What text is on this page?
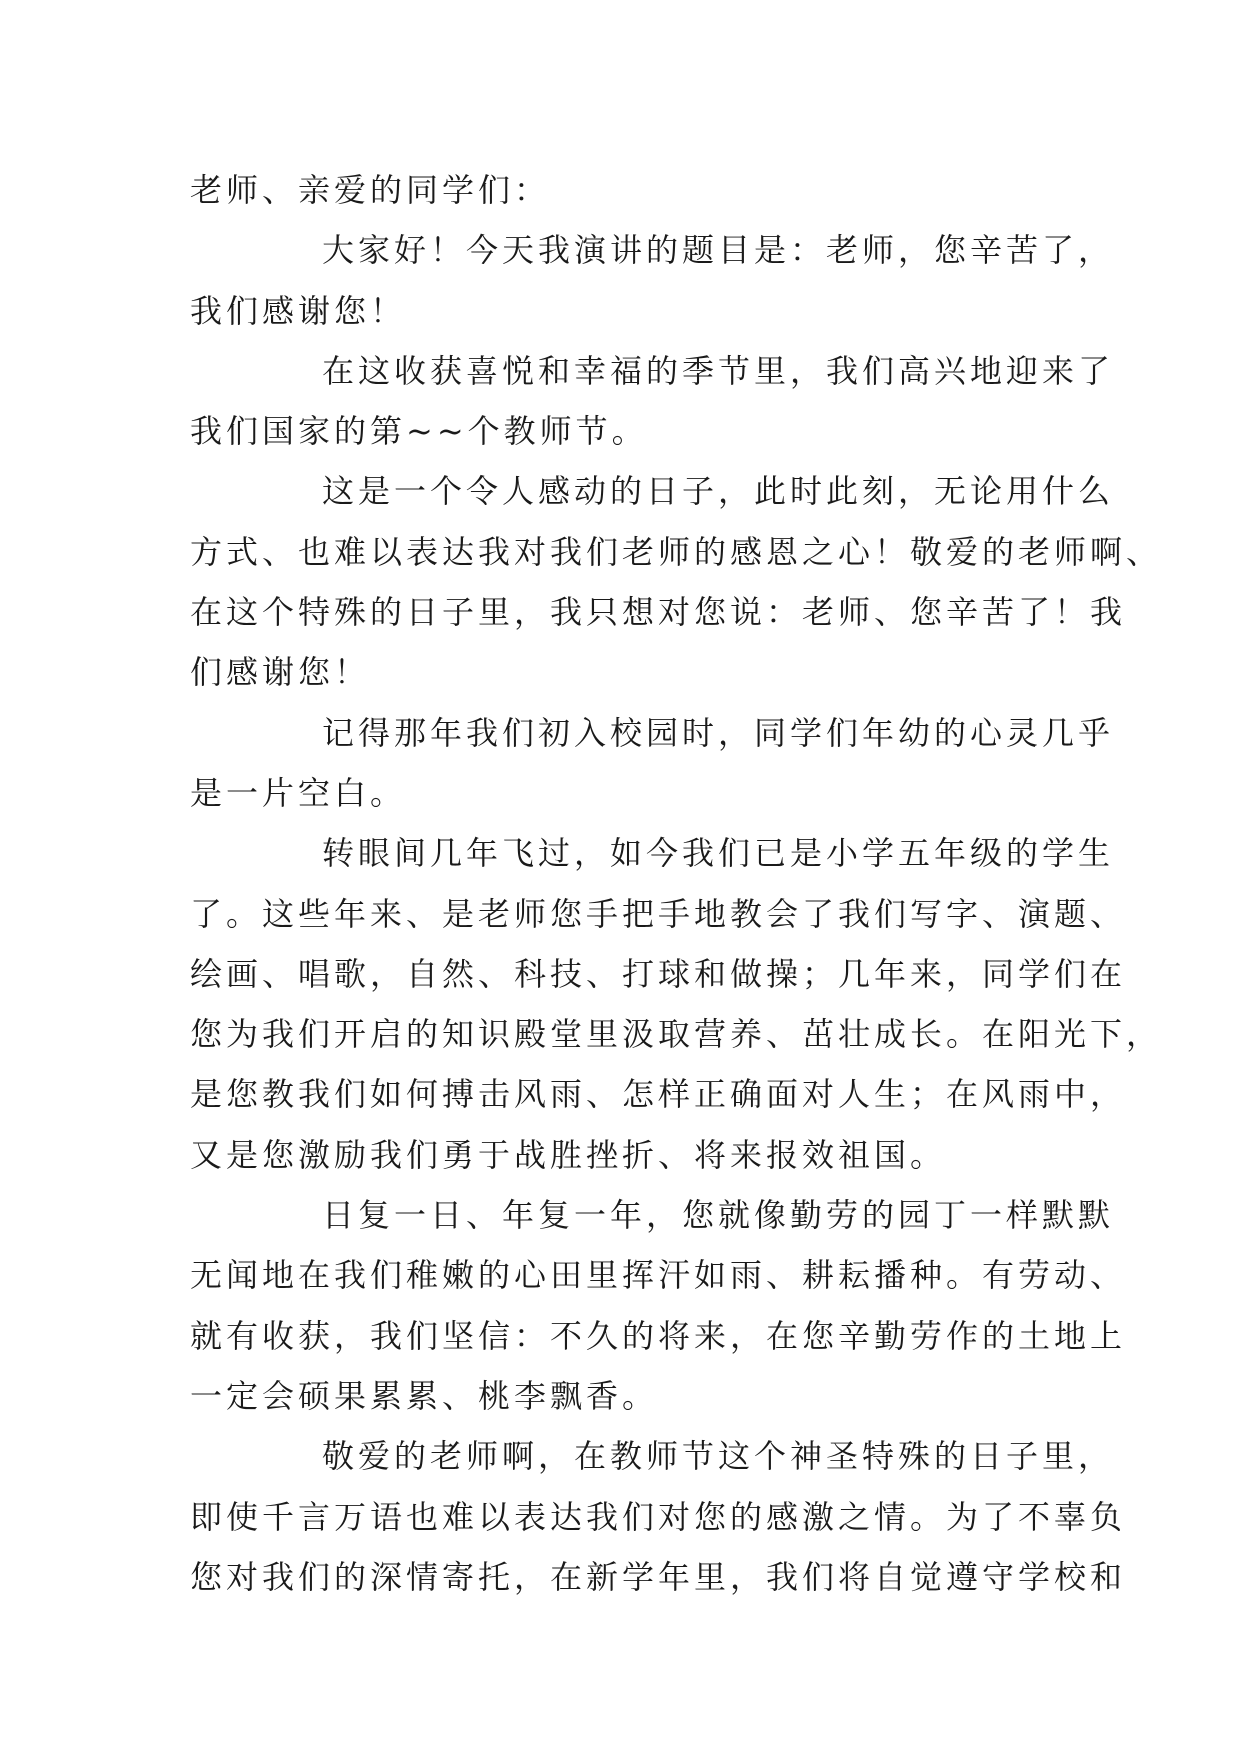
老师、亲爱的同学们：
大家好！今天我演讲的题目是：老师，您辛苦了，
我们感谢您！
在这收获喜悦和幸福的季节里，我们高兴地迎来了
我们国家的第~~个教师节。
这是一个令人感动的日子，此时此刻，无论用什么
方式、也难以表达我对我们老师的感恩之心！敬爱的老师啊、
在这个特殊的日子里，我只想对您说：老师、您辛苦了！我
们感谢您！
记得那年我们初入校园时，同学们年幼的心灵几乎
是一片空白。
转眼间几年飞过，如今我们已是小学五年级的学生
了。这些年来、是老师您手把手地教会了我们写字、演题、
绘画、唱歌，自然、科技、打球和做操；几年来，同学们在
您为我们开启的知识殿堂里汲取营养、茁壮成长。在阳光下，
是您教我们如何搏击风雨、怎样正确面对人生；在风雨中，
又是您激励我们勇于战胜挫折、将来报效祖国。
日复一日、年复一年，您就像勤劳的园丁一样默默
无闻地在我们稚嫩的心田里挥汗如雨、耕耘播种。有劳动、
就有收获，我们坚信：不久的将来，在您辛勤劳作的土地上
一定会硕果累累、桃李飘香。
敬爱的老师啊，在教师节这个神圣特殊的日子里，
即使千言万语也难以表达我们对您的感激之情。为了不辜负
您对我们的深情寄托，在新学年里，我们将自觉遵守学校和
